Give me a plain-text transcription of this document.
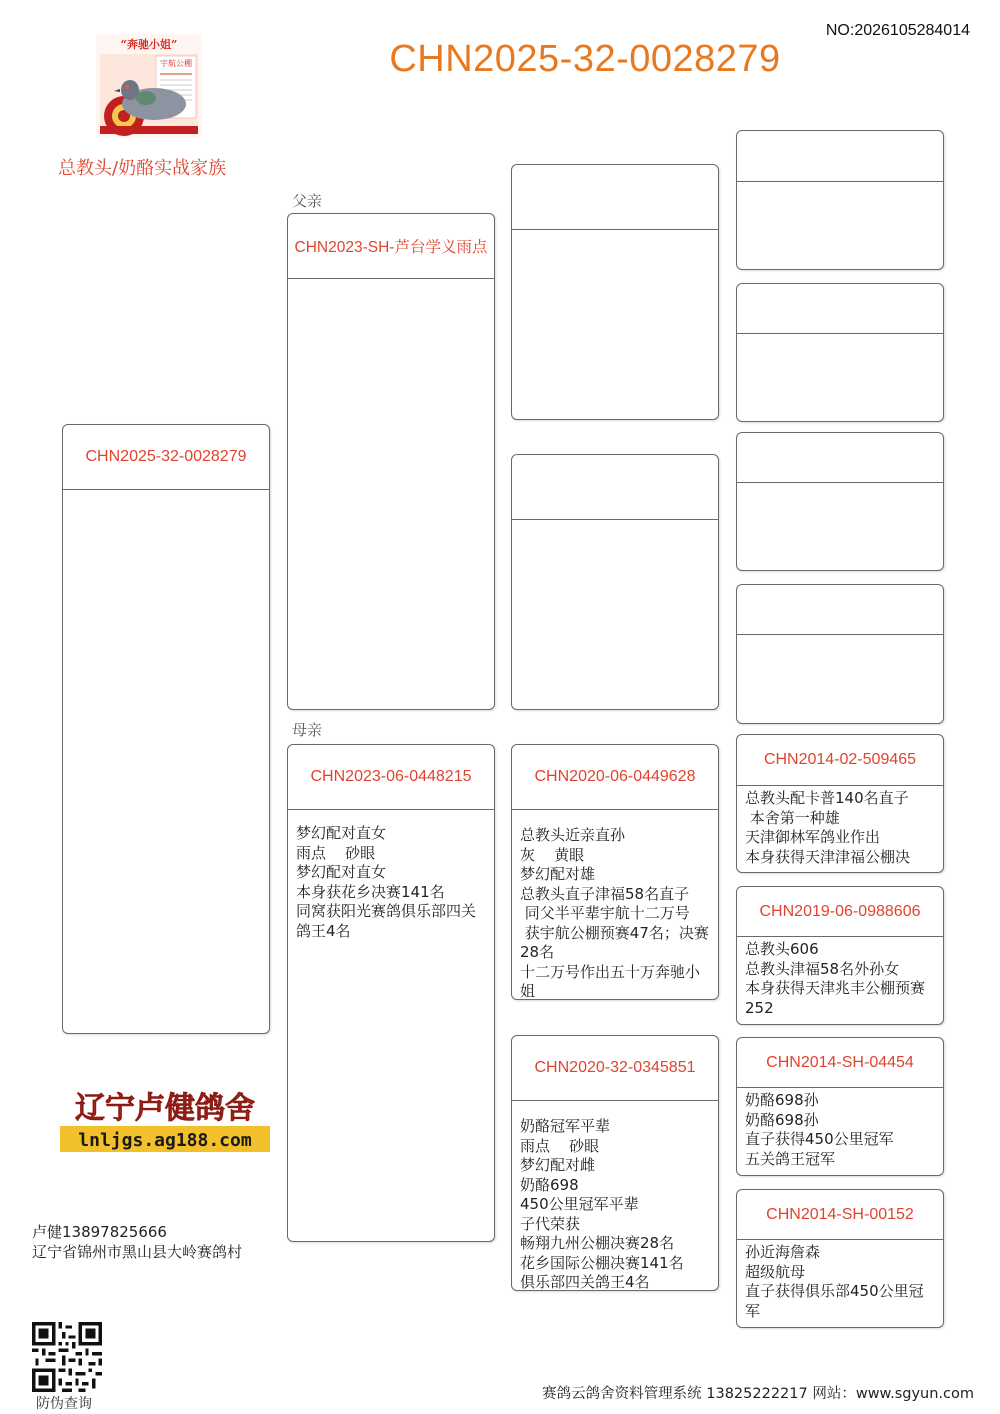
NO:2026105284014
CHN2025-32-0028279
“奔驰小姐”
宇航公棚
总教头/奶酪实战家族
父亲
母亲
CHN2025-32-0028279
CHN2023-SH-芦台学义雨点
CHN2023-06-0448215
梦幻配对直女
雨点    砂眼
梦幻配对直女
本身获花乡决赛141名
同窝获阳光赛鸽俱乐部四关鸽王4名
CHN2020-06-0449628
总教头近亲直孙
灰    黄眼
梦幻配对雄
总教头直子津福58名直子
同父半平辈宇航十二万号
获宇航公棚预赛47名；决赛28名
十二万号作出五十万奔驰小姐
CHN2020-32-0345851
奶酪冠军平辈
雨点    砂眼
梦幻配对雌
奶酪698
450公里冠军平辈
子代荣获
畅翔九州公棚决赛28名
花乡国际公棚决赛141名
俱乐部四关鸽王4名
CHN2014-02-509465
总教头配卡普140名直子
本舍第一种雄
天津御林军鸽业作出
本身获得天津津福公棚决
CHN2019-06-0988606
总教头606
总教头津福58名外孙女
本身获得天津兆丰公棚预赛252
CHN2014-SH-04454
奶酪698孙
奶酪698孙
直子获得450公里冠军
五关鸽王冠军
CHN2014-SH-00152
孙近海詹森
超级航母
直子获得俱乐部450公里冠军
辽宁卢健鸽舍
lnljgs.ag188.com
卢健13897825666
辽宁省锦州市黑山县大岭赛鸽村
防伪查询
赛鸽云鸽舍资料管理系统 13825222217 网站：www.sgyun.com
